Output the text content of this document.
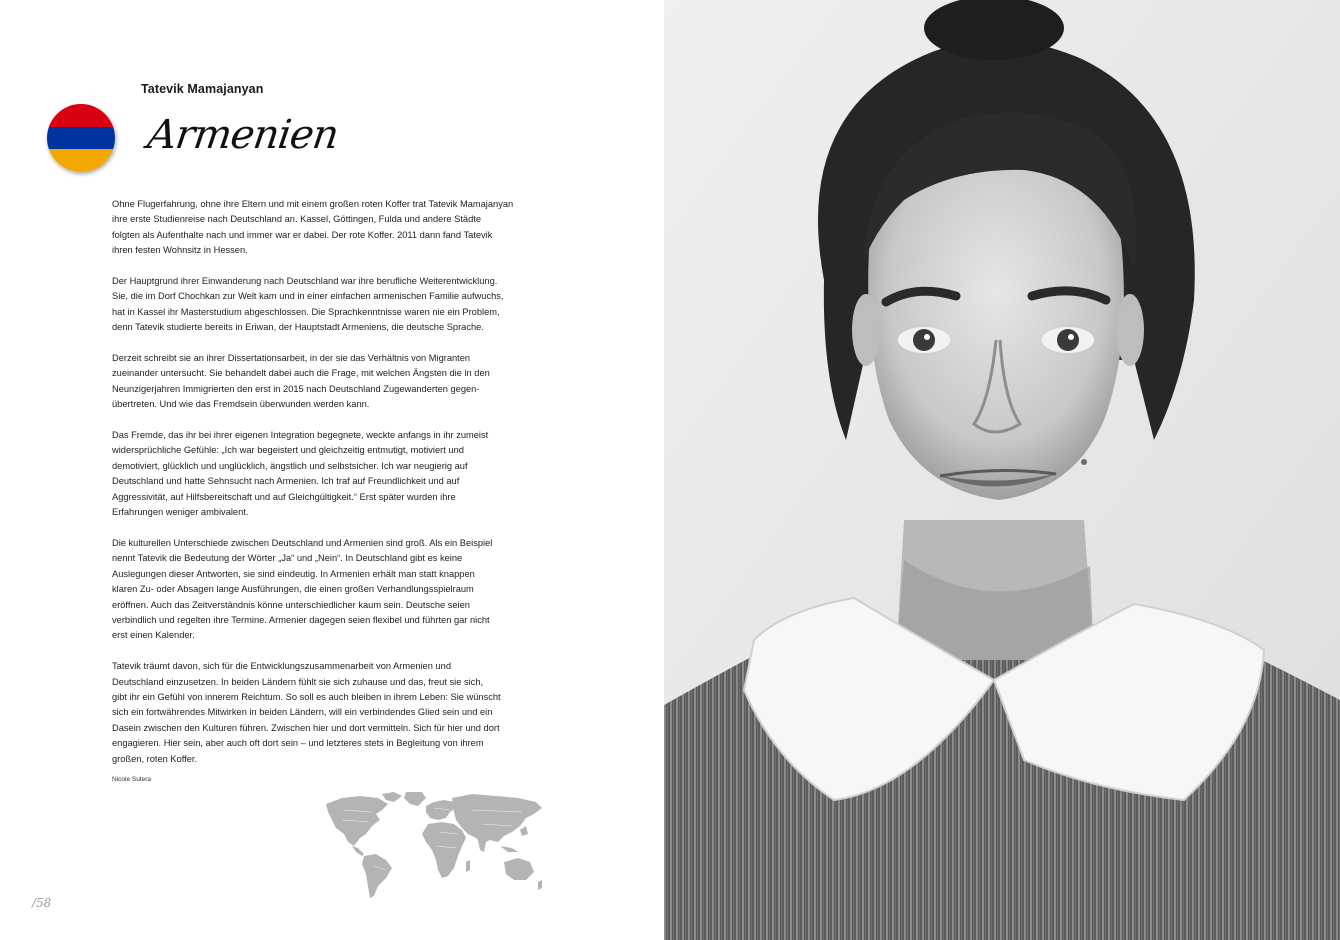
Tatevik Mamajanyan
Armenien

Ohne Flugerfahrung, ohne ihre Eltern und mit einem großen roten Koffer trat Tatevik Mamajanyan
ihre erste Studienreise nach Deutschland an. Kassel, Göttingen, Fulda und andere Städte
folgten als Aufenthalte nach und immer war er dabei. Der rote Koffer. 2011 dann fand Tatevik
ihren festen Wohnsitz in Hessen.

Der Hauptgrund ihrer Einwanderung nach Deutschland war ihre berufliche Weiterentwicklung.
Sie, die im Dorf Chochkan zur Welt kam und in einer einfachen armenischen Familie aufwuchs,
hat in Kassel ihr Masterstudium abgeschlossen. Die Sprachkenntnisse waren nie ein Problem,
denn Tatevik studierte bereits in Eriwan, der Hauptstadt Armeniens, die deutsche Sprache.

Derzeit schreibt sie an ihrer Dissertationsarbeit, in der sie das Verhältnis von Migranten
zueinander untersucht. Sie behandelt dabei auch die Frage, mit welchen Ängsten die in den
Neunzigerjahren Immigrierten den erst in 2015 nach Deutschland Zugewanderten gegen-
übertreten. Und wie das Fremdsein überwunden werden kann.

Das Fremde, das ihr bei ihrer eigenen Integration begegnete, weckte anfangs in ihr zumeist
widersprüchliche Gefühle: „Ich war begeistert und gleichzeitig entmutigt, motiviert und
demotiviert, glücklich und unglücklich, ängstlich und selbstsicher. Ich war neugierig auf
Deutschland und hatte Sehnsucht nach Armenien. Ich traf auf Freundlichkeit und auf
Aggressivität, auf Hilfsbereitschaft und auf Gleichgültigkeit.“ Erst später wurden ihre
Erfahrungen weniger ambivalent.

Die kulturellen Unterschiede zwischen Deutschland und Armenien sind groß. Als ein Beispiel
nennt Tatevik die Bedeutung der Wörter „Ja“ und „Nein“. In Deutschland gibt es keine
Auslegungen dieser Antworten, sie sind eindeutig. In Armenien erhält man statt knappen
klaren Zu- oder Absagen lange Ausführungen, die einen großen Verhandlungsspielraum
eröffnen. Auch das Zeitverständnis könne unterschiedlicher kaum sein. Deutsche seien
verbindlich und regelten ihre Termine. Armenier dagegen seien flexibel und führten gar nicht
erst einen Kalender.

Tatevik träumt davon, sich für die Entwicklungszusammenarbeit von Armenien und
Deutschland einzusetzen. In beiden Ländern fühlt sie sich zuhause und das, freut sie sich,
gibt ihr ein Gefühl von innerem Reichtum. So soll es auch bleiben in ihrem Leben: Sie wünscht
sich ein fortwährendes Mitwirken in beiden Ländern, will ein verbindendes Glied sein und ein
Dasein zwischen den Kulturen führen. Zwischen hier und dort vermitteln. Sich für hier und dort
engagieren. Hier sein, aber auch oft dort sein – und letzteres stets in Begleitung von ihrem
großen, roten Koffer.

Nicole Sutera
/58
